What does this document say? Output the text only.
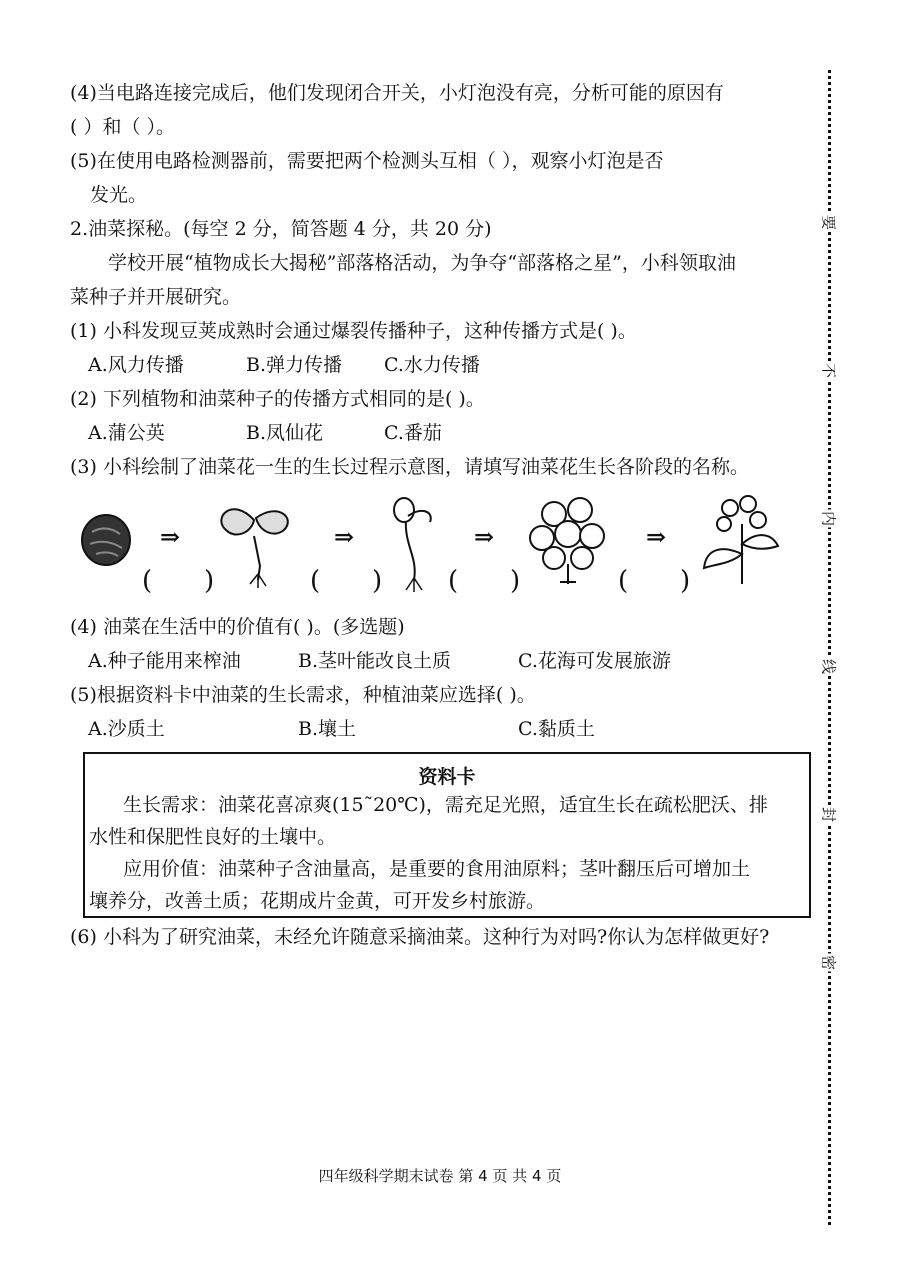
(4)当电路连接完成后，他们发现闭合开关，小灯泡没有亮，分析可能的原因有
( ）和（ ）。
(5)在使用电路检测器前，需要把两个检测头互相（ ），观察小灯泡是否
发光。
2.油菜探秘。(每空 2 分，简答题 4 分，共 20 分)
学校开展“植物成长大揭秘”部落格活动，为争夺“部落格之星”，小科领取油
菜种子并开展研究。
(1) 小科发现豆荚成熟时会通过爆裂传播种子，这种传播方式是( )。
A.风力传播	B.弹力传播 C.水力传播
(2) 下列植物和油菜种子的传播方式相同的是( )。
A.蒲公英	B.凤仙花	C.番茄
(3) 小科绘制了油菜花一生的生长过程示意图，请填写油菜花生长各阶段的名称。
⇒	⇒	⇒	⇒
( )	( )	( )	( )
(4) 油菜在生活中的价值有( )。(多选题)
A.种子能用来榨油	B.茎叶能改良土质	C.花海可发展旅游
(5)根据资料卡中油菜的生长需求，种植油菜应选择( )。
A.沙质土	B.壤土	C.黏质土
资料卡
生长需求：油菜花喜凉爽(15˜20℃)，需充足光照，适宜生长在疏松肥沃、排
水性和保肥性良好的土壤中。
应用价值：油菜种子含油量高，是重要的食用油原料；茎叶翻压后可增加土
壤养分，改善土质；花期成片金黄，可开发乡村旅游。
(6) 小科为了研究油菜，未经允许随意采摘油菜。这种行为对吗?你认为怎样做更好?
四年级科学期末试卷 第 4 页 共 4 页
要
不
内
线
封
密
